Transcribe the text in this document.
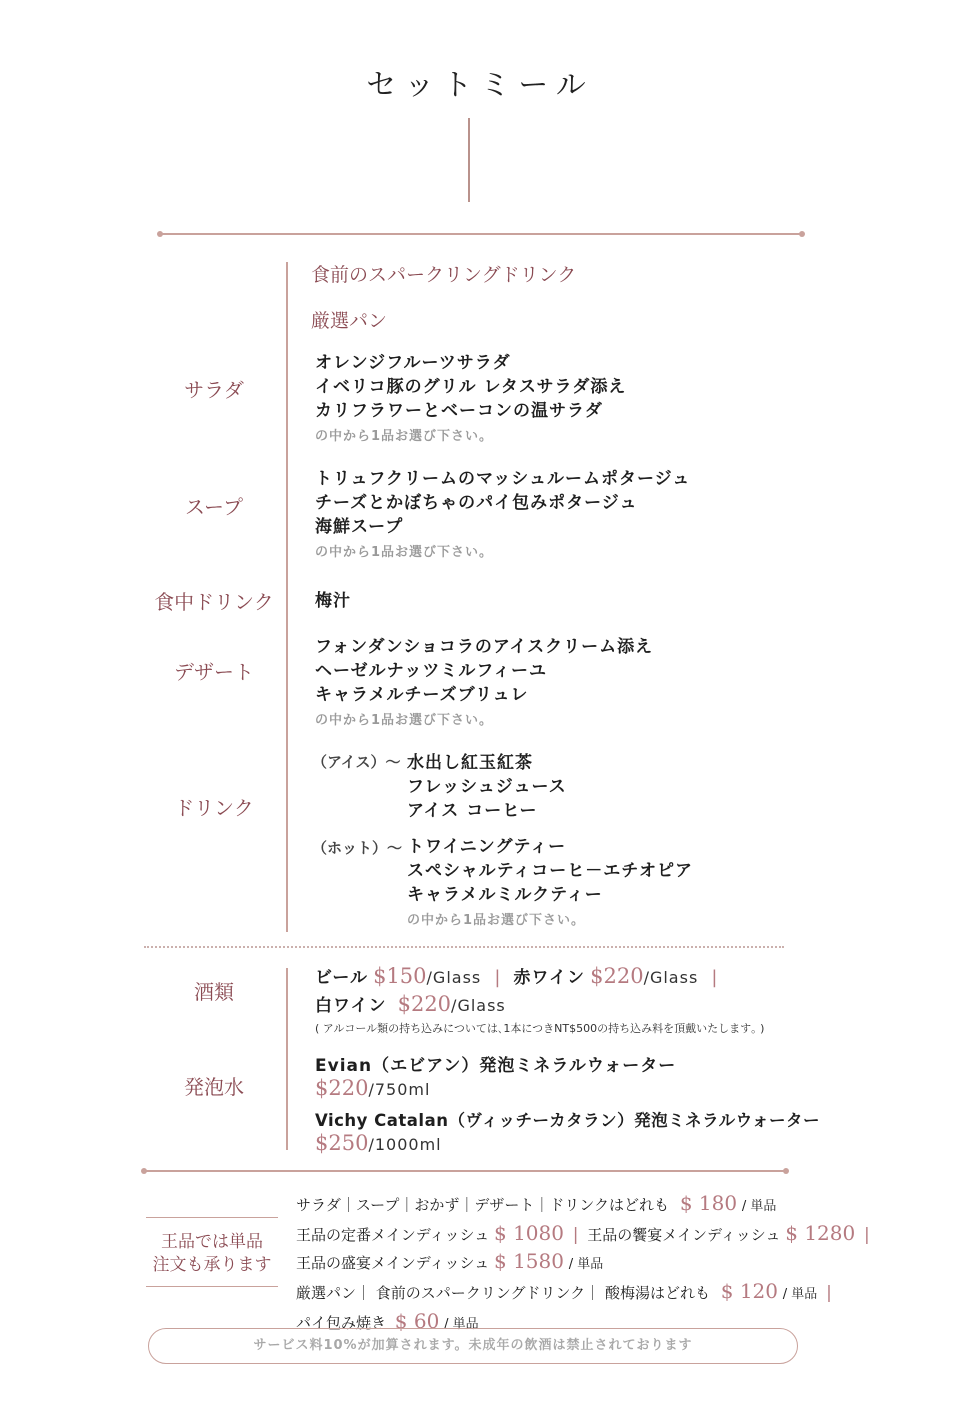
セットミール
食前のスパークリングドリンク
厳選パン
サラダ
オレンジフルーツサラダ
イベリコ豚のグリル レタスサラダ添え
カリフラワーとベーコンの温サラダ
の中から1品お選び下さい。
スープ
トリュフクリームのマッシュルームポタージュ
チーズとかぼちゃのパイ包みポタージュ
海鮮スープ
の中から1品お選び下さい。
食中ドリンク	梅汁
デザート
フォンダンショコラのアイスクリーム添え
ヘーゼルナッツミルフィーユ
キャラメルチーズブリュレ
の中から1品お選び下さい。
ドリンク
（アイス）～ 水出し紅玉紅茶
フレッシュジュース
アイス コーヒー
（ホット）～ トワイニングティー
スペシャルティコーヒ－エチオピア
キャラメルミルクティー
の中から1品お選び下さい。
酒類
ビール $150/Glass | 赤ワイン $220/Glass |
白ワイン $220/Glass
( アルコール類の持ち込みについては､1本につきNT$500の持ち込み料を頂戴いたします｡ )
発泡水
Evian（エビアン）発泡ミネラルウォーター
$220/750ml
Vichy Catalan（ヴィッチーカタラン）発泡ミネラルウォーター
$250/1000ml
王品では単品
注文も承ります
サラダ｜スープ｜おかず｜デザート｜ドリンクはどれも $ 180 / 単品
王品の定番メインディッシュ $ 1080 | 王品の饗宴メインディッシュ $ 1280 |
王品の盛宴メインディッシュ $ 1580 / 単品
厳選パン｜ 食前のスパークリングドリンク｜ 酸梅湯はどれも $ 120 / 単品 |
パイ包み焼き $ 60 / 単品
サービス料10%が加算されます。未成年の飲酒は禁止されております
